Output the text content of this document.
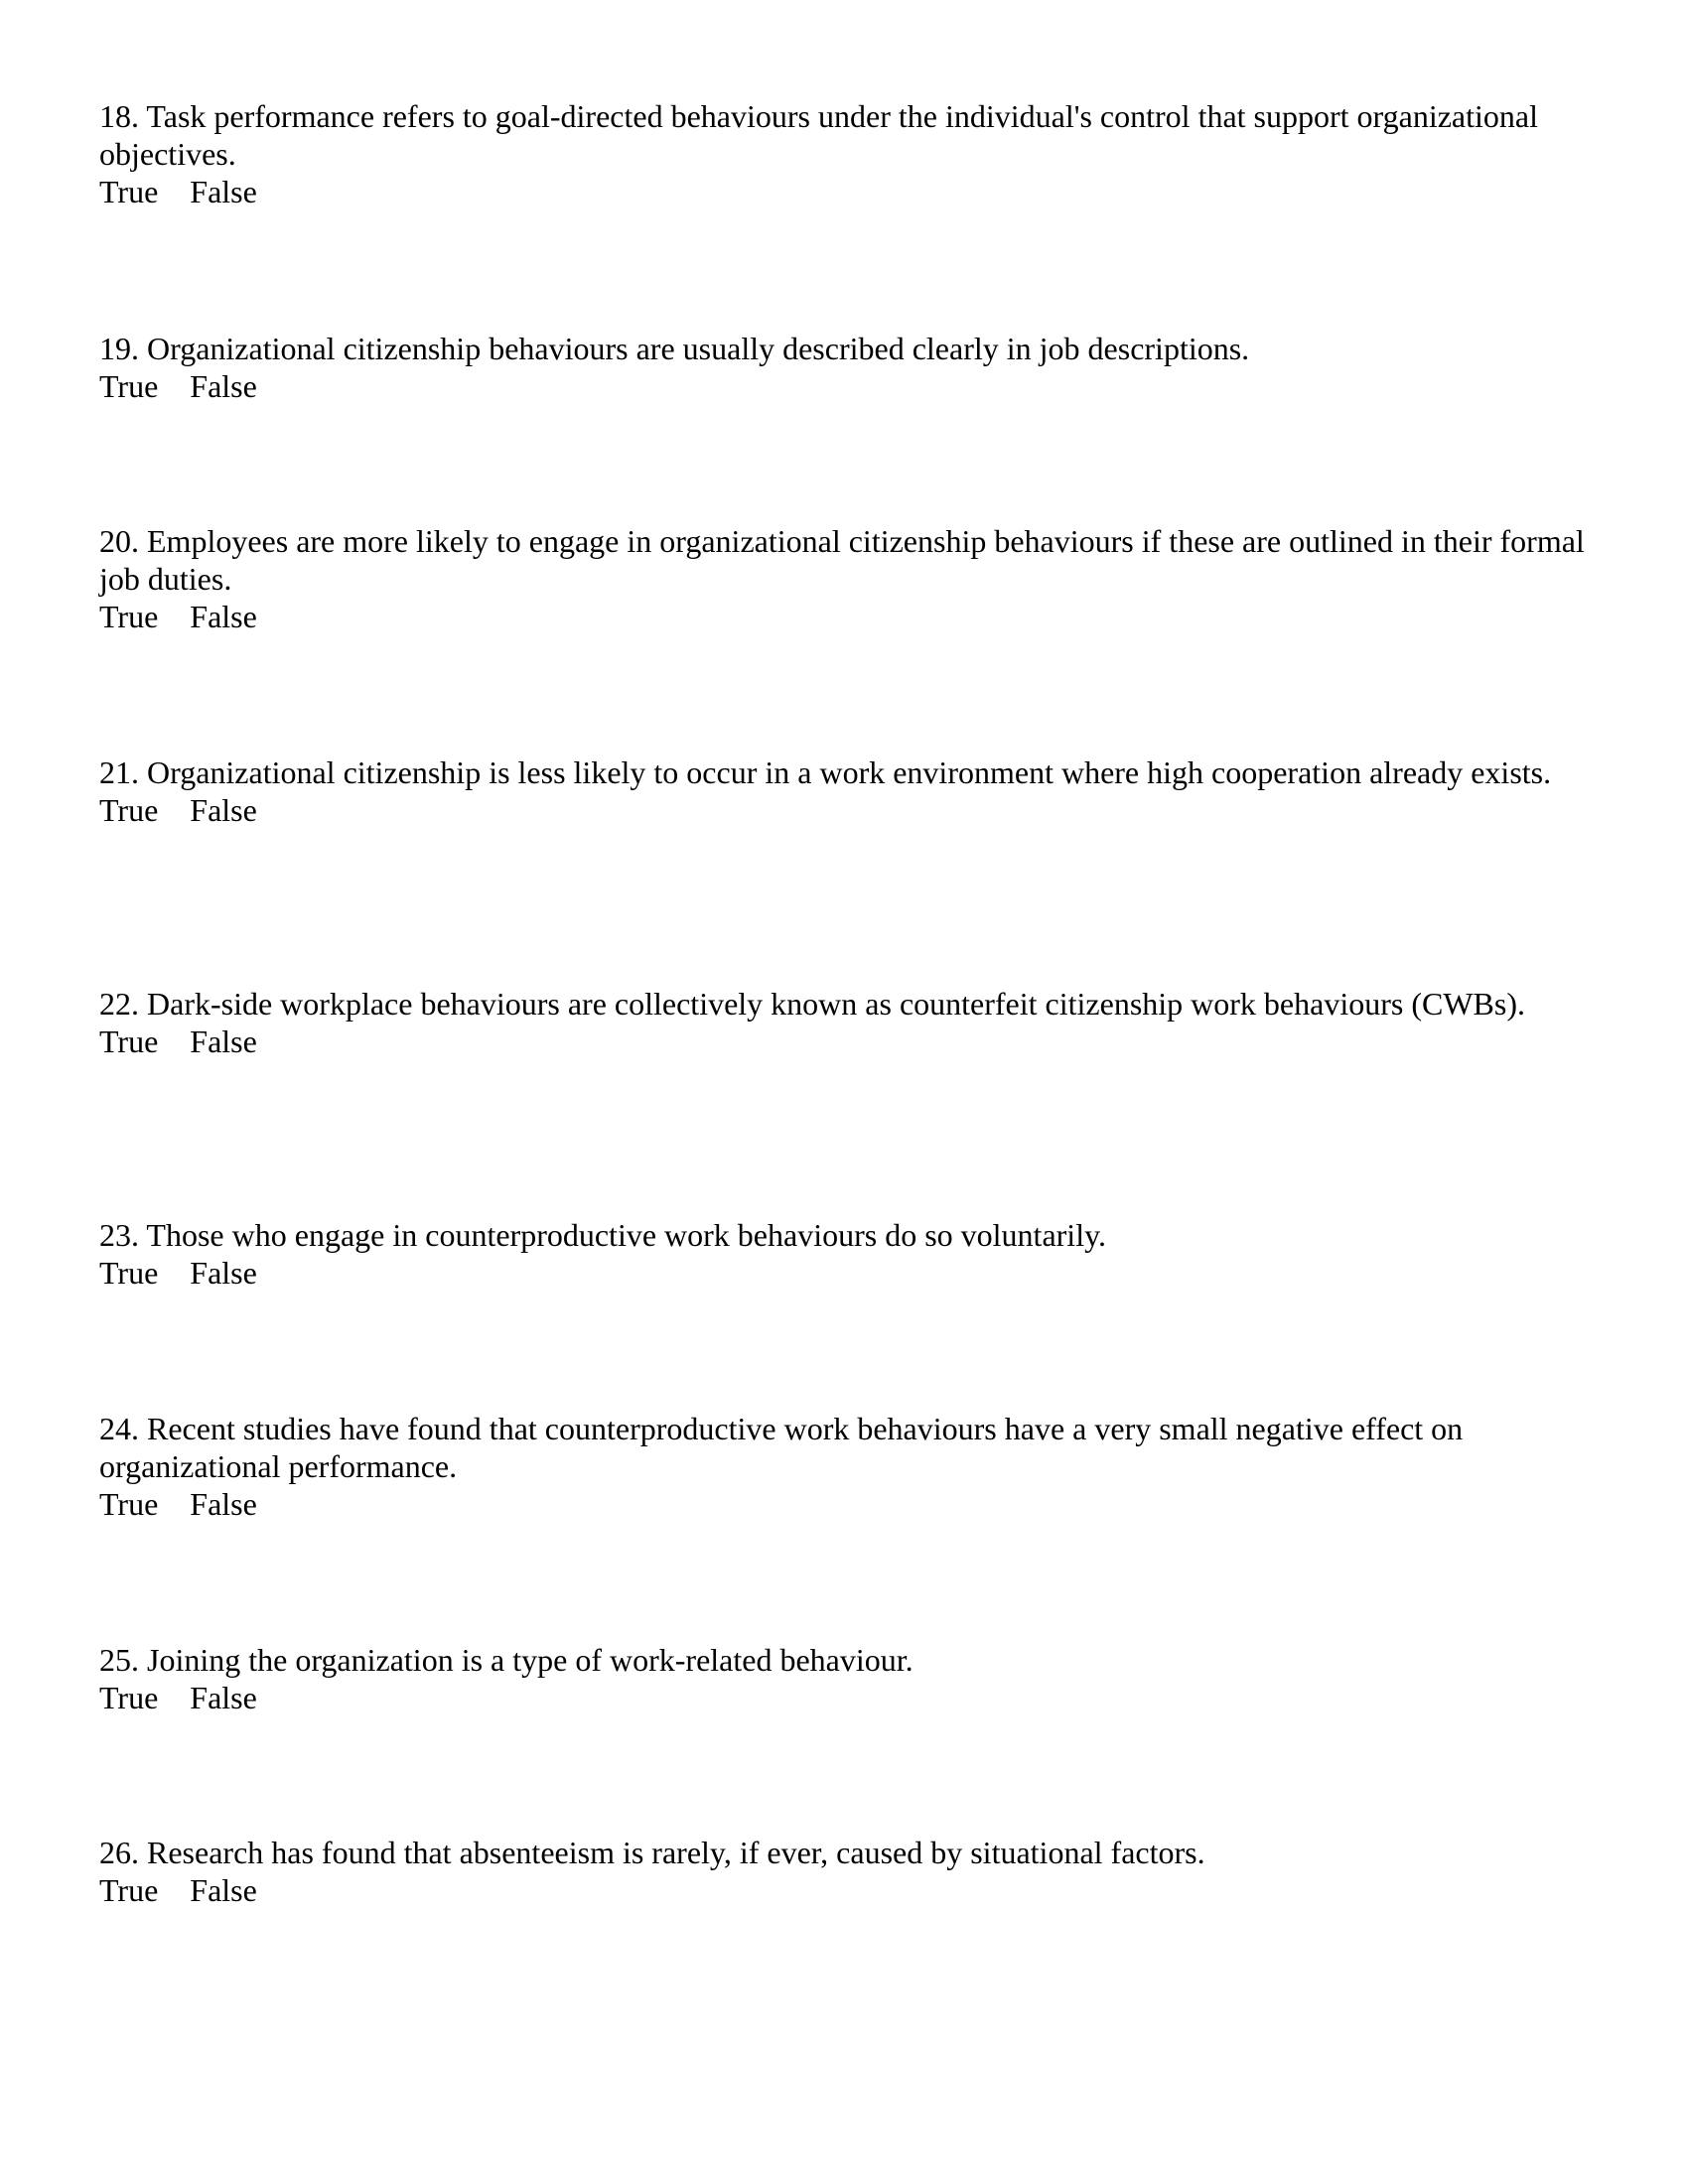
18. Task performance refers to goal-directed behaviours under the individual's control that support organizational objectives.

True False

19. Organizational citizenship behaviours are usually described clearly in job descriptions.

True False

20. Employees are more likely to engage in organizational citizenship behaviours if these are outlined in their formal job duties.

True False

21. Organizational citizenship is less likely to occur in a work environment where high cooperation already exists.

True False

22. Dark-side workplace behaviours are collectively known as counterfeit citizenship work behaviours (CWBs).

True False

23. Those who engage in counterproductive work behaviours do so voluntarily.

True False

24. Recent studies have found that counterproductive work behaviours have a very small negative effect on organizational performance.

True False

25. Joining the organization is a type of work-related behaviour.

True False

26. Research has found that absenteeism is rarely, if ever, caused by situational factors.

True False
